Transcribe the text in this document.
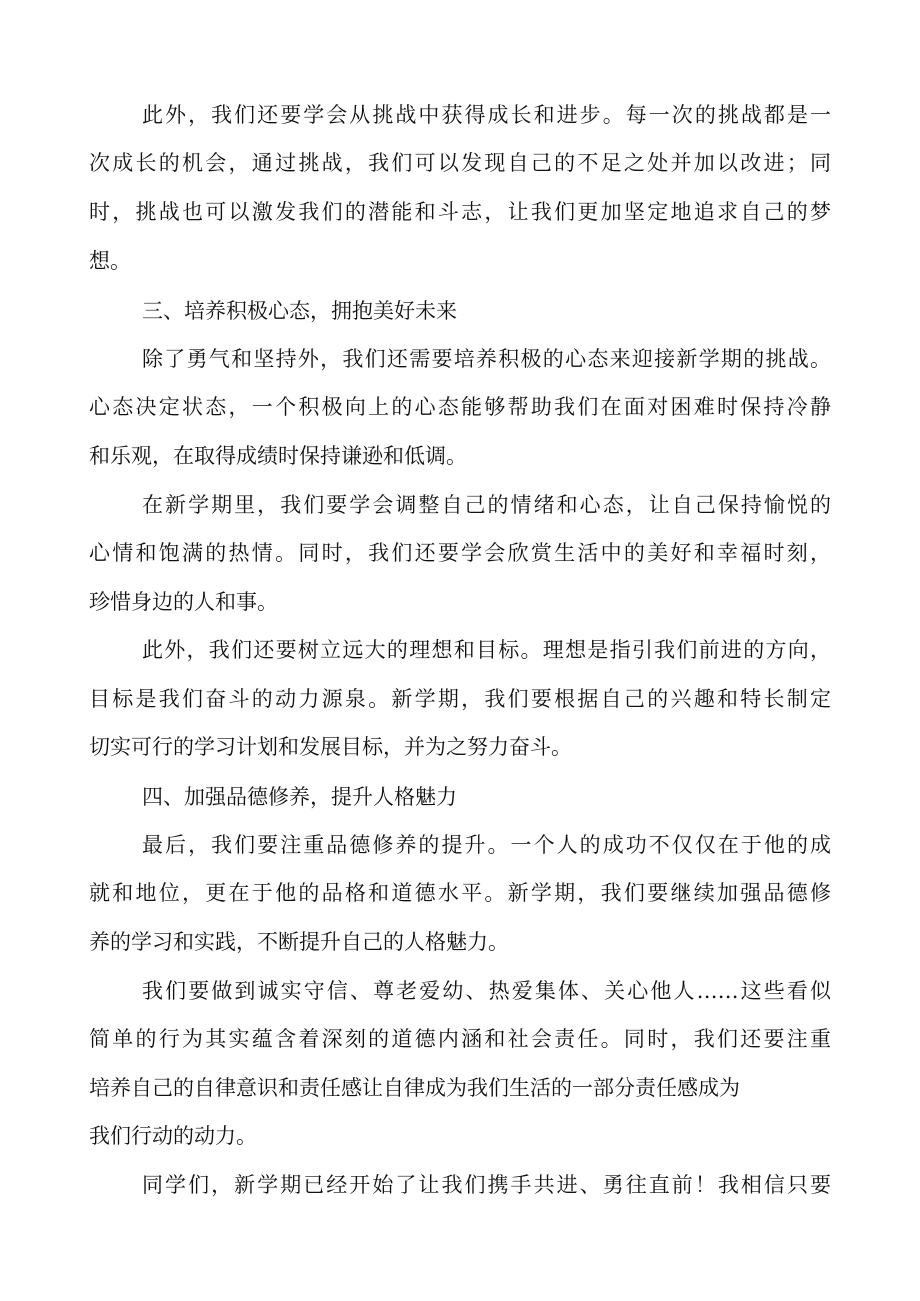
此外，我们还要学会从挑战中获得成长和进步。每一次的挑战都是一
次成长的机会，通过挑战，我们可以发现自己的不足之处并加以改进；同
时，挑战也可以激发我们的潜能和斗志，让我们更加坚定地追求自己的梦
想。
三、培养积极心态，拥抱美好未来
除了勇气和坚持外，我们还需要培养积极的心态来迎接新学期的挑战。
心态决定状态，一个积极向上的心态能够帮助我们在面对困难时保持冷静
和乐观，在取得成绩时保持谦逊和低调。
在新学期里，我们要学会调整自己的情绪和心态，让自己保持愉悦的
心情和饱满的热情。同时，我们还要学会欣赏生活中的美好和幸福时刻，
珍惜身边的人和事。
此外，我们还要树立远大的理想和目标。理想是指引我们前进的方向，
目标是我们奋斗的动力源泉。新学期，我们要根据自己的兴趣和特长制定
切实可行的学习计划和发展目标，并为之努力奋斗。
四、加强品德修养，提升人格魅力
最后，我们要注重品德修养的提升。一个人的成功不仅仅在于他的成
就和地位，更在于他的品格和道德水平。新学期，我们要继续加强品德修
养的学习和实践，不断提升自己的人格魅力。
我们要做到诚实守信、尊老爱幼、热爱集体、关心他人……这些看似
简单的行为其实蕴含着深刻的道德内涵和社会责任。同时，我们还要注重
培养自己的自律意识和责任感让自律成为我们生活的一部分责任感成为
我们行动的动力。
同学们，新学期已经开始了让我们携手共进、勇往直前！我相信只要
